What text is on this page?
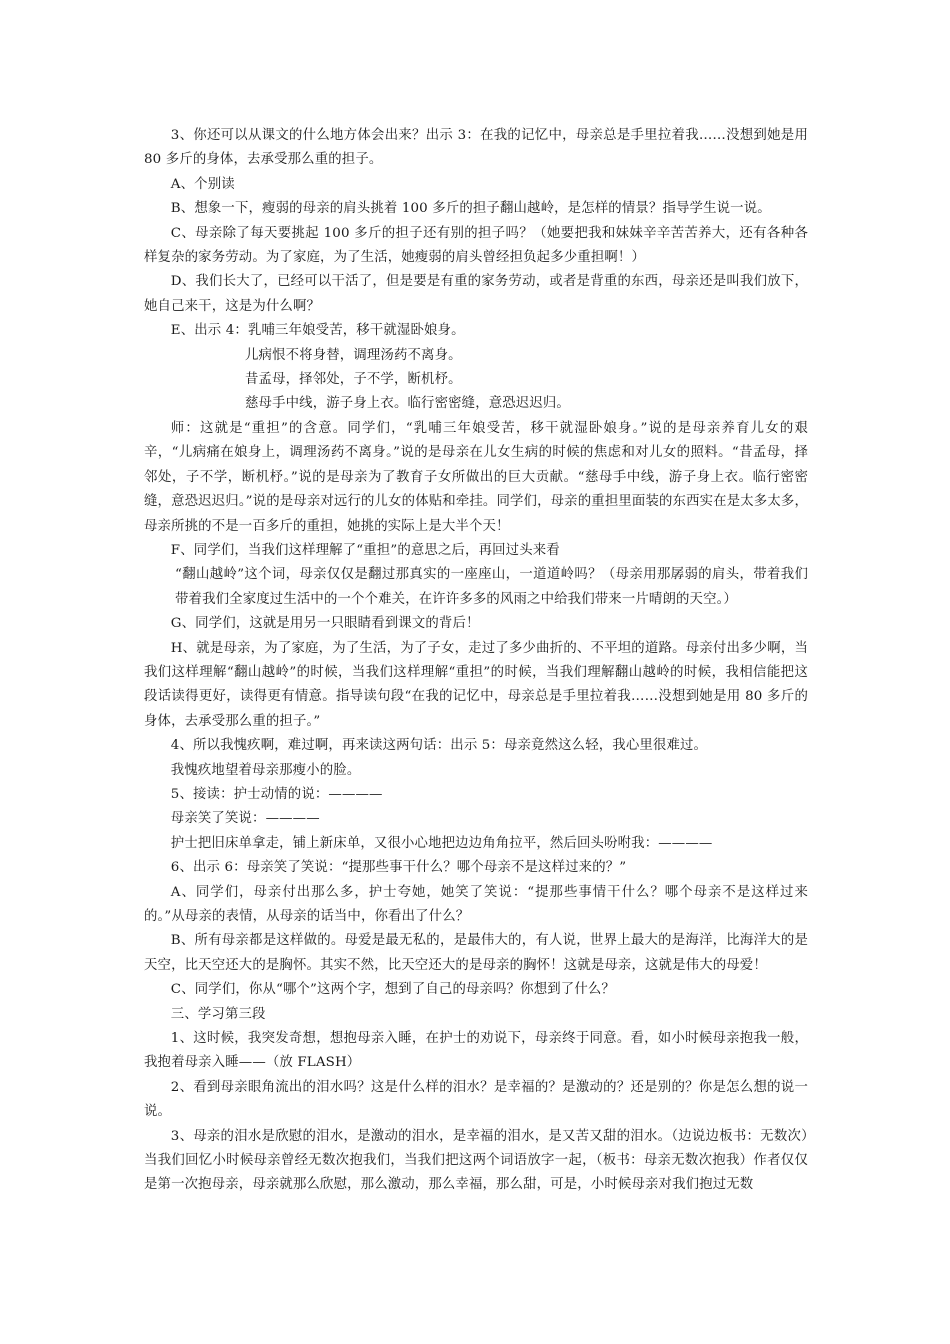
3、你还可以从课文的什么地方体会出来？出示 3：在我的记忆中，母亲总是手里拉着我……没想到她是用 80 多斤的身体，去承受那么重的担子。

A、个别读

B、想象一下，瘦弱的母亲的肩头挑着 100 多斤的担子翻山越岭，是怎样的情景？指导学生说一说。

C、母亲除了每天要挑起 100 多斤的担子还有别的担子吗？（她要把我和妹妹辛辛苦苦养大，还有各种各样复杂的家务劳动。为了家庭，为了生活，她瘦弱的肩头曾经担负起多少重担啊！）

D、我们长大了，已经可以干活了，但是要是有重的家务劳动，或者是背重的东西，母亲还是叫我们放下，她自己来干，这是为什么啊？

E、出示 4：乳哺三年娘受苦，移干就湿卧娘身。

儿病恨不将身替，调理汤药不离身。

昔孟母，择邻处，子不学，断机杼。

慈母手中线，游子身上衣。临行密密缝，意恐迟迟归。

师：这就是“重担”的含意。同学们，“乳哺三年娘受苦，移干就湿卧娘身。”说的是母亲养育儿女的艰辛，“儿病痛在娘身上，调理汤药不离身。”说的是母亲在儿女生病的时候的焦虑和对儿女的照料。“昔孟母，择邻处，子不学，断机杼。”说的是母亲为了教育子女所做出的巨大贡献。“慈母手中线，游子身上衣。临行密密缝，意恐迟迟归。”说的是母亲对远行的儿女的体贴和牵挂。同学们，母亲的重担里面装的东西实在是太多太多，母亲所挑的不是一百多斤的重担，她挑的实际上是大半个天！

F、同学们，当我们这样理解了“重担”的意思之后，再回过头来看

“翻山越岭”这个词，母亲仅仅是翻过那真实的一座座山，一道道岭吗？（母亲用那孱弱的肩头，带着我们带着我们全家度过生活中的一个个难关，在许许多多的风雨之中给我们带来一片晴朗的天空。）

G、同学们，这就是用另一只眼睛看到课文的背后！

H、就是母亲，为了家庭，为了生活，为了子女，走过了多少曲折的、不平坦的道路。母亲付出多少啊，当我们这样理解“翻山越岭”的时候，当我们这样理解“重担”的时候，当我们理解翻山越岭的时候，我相信能把这段话读得更好，读得更有情意。指导读句段“在我的记忆中，母亲总是手里拉着我……没想到她是用 80 多斤的身体，去承受那么重的担子。”

4、所以我愧疚啊，难过啊，再来读这两句话：出示 5：母亲竟然这么轻，我心里很难过。

我愧疚地望着母亲那瘦小的脸。

5、接读：护士动情的说：————

母亲笑了笑说：————

护士把旧床单拿走，铺上新床单，又很小心地把边边角角拉平，然后回头吩咐我：————

6、出示 6：母亲笑了笑说：“提那些事干什么？哪个母亲不是这样过来的？”

A、同学们，母亲付出那么多，护士夸她，她笑了笑说：“提那些事情干什么？哪个母亲不是这样过来的。”从母亲的表情，从母亲的话当中，你看出了什么？

B、所有母亲都是这样做的。母爱是最无私的，是最伟大的，有人说，世界上最大的是海洋，比海洋大的是天空，比天空还大的是胸怀。其实不然，比天空还大的是母亲的胸怀！这就是母亲，这就是伟大的母爱！

C、同学们，你从“哪个”这两个字，想到了自己的母亲吗？你想到了什么？

三、学习第三段

1、这时候，我突发奇想，想抱母亲入睡，在护士的劝说下，母亲终于同意。看，如小时候母亲抱我一般，我抱着母亲入睡——（放 FLASH）

2、看到母亲眼角流出的泪水吗？这是什么样的泪水？是幸福的？是激动的？还是别的？你是怎么想的说一说。

3、母亲的泪水是欣慰的泪水，是激动的泪水，是幸福的泪水，是又苦又甜的泪水。（边说边板书：无数次）当我们回忆小时候母亲曾经无数次抱我们，当我们把这两个词语放字一起，（板书：母亲无数次抱我）作者仅仅是第一次抱母亲，母亲就那么欣慰，那么激动，那么幸福，那么甜，可是，小时候母亲对我们抱过无数
